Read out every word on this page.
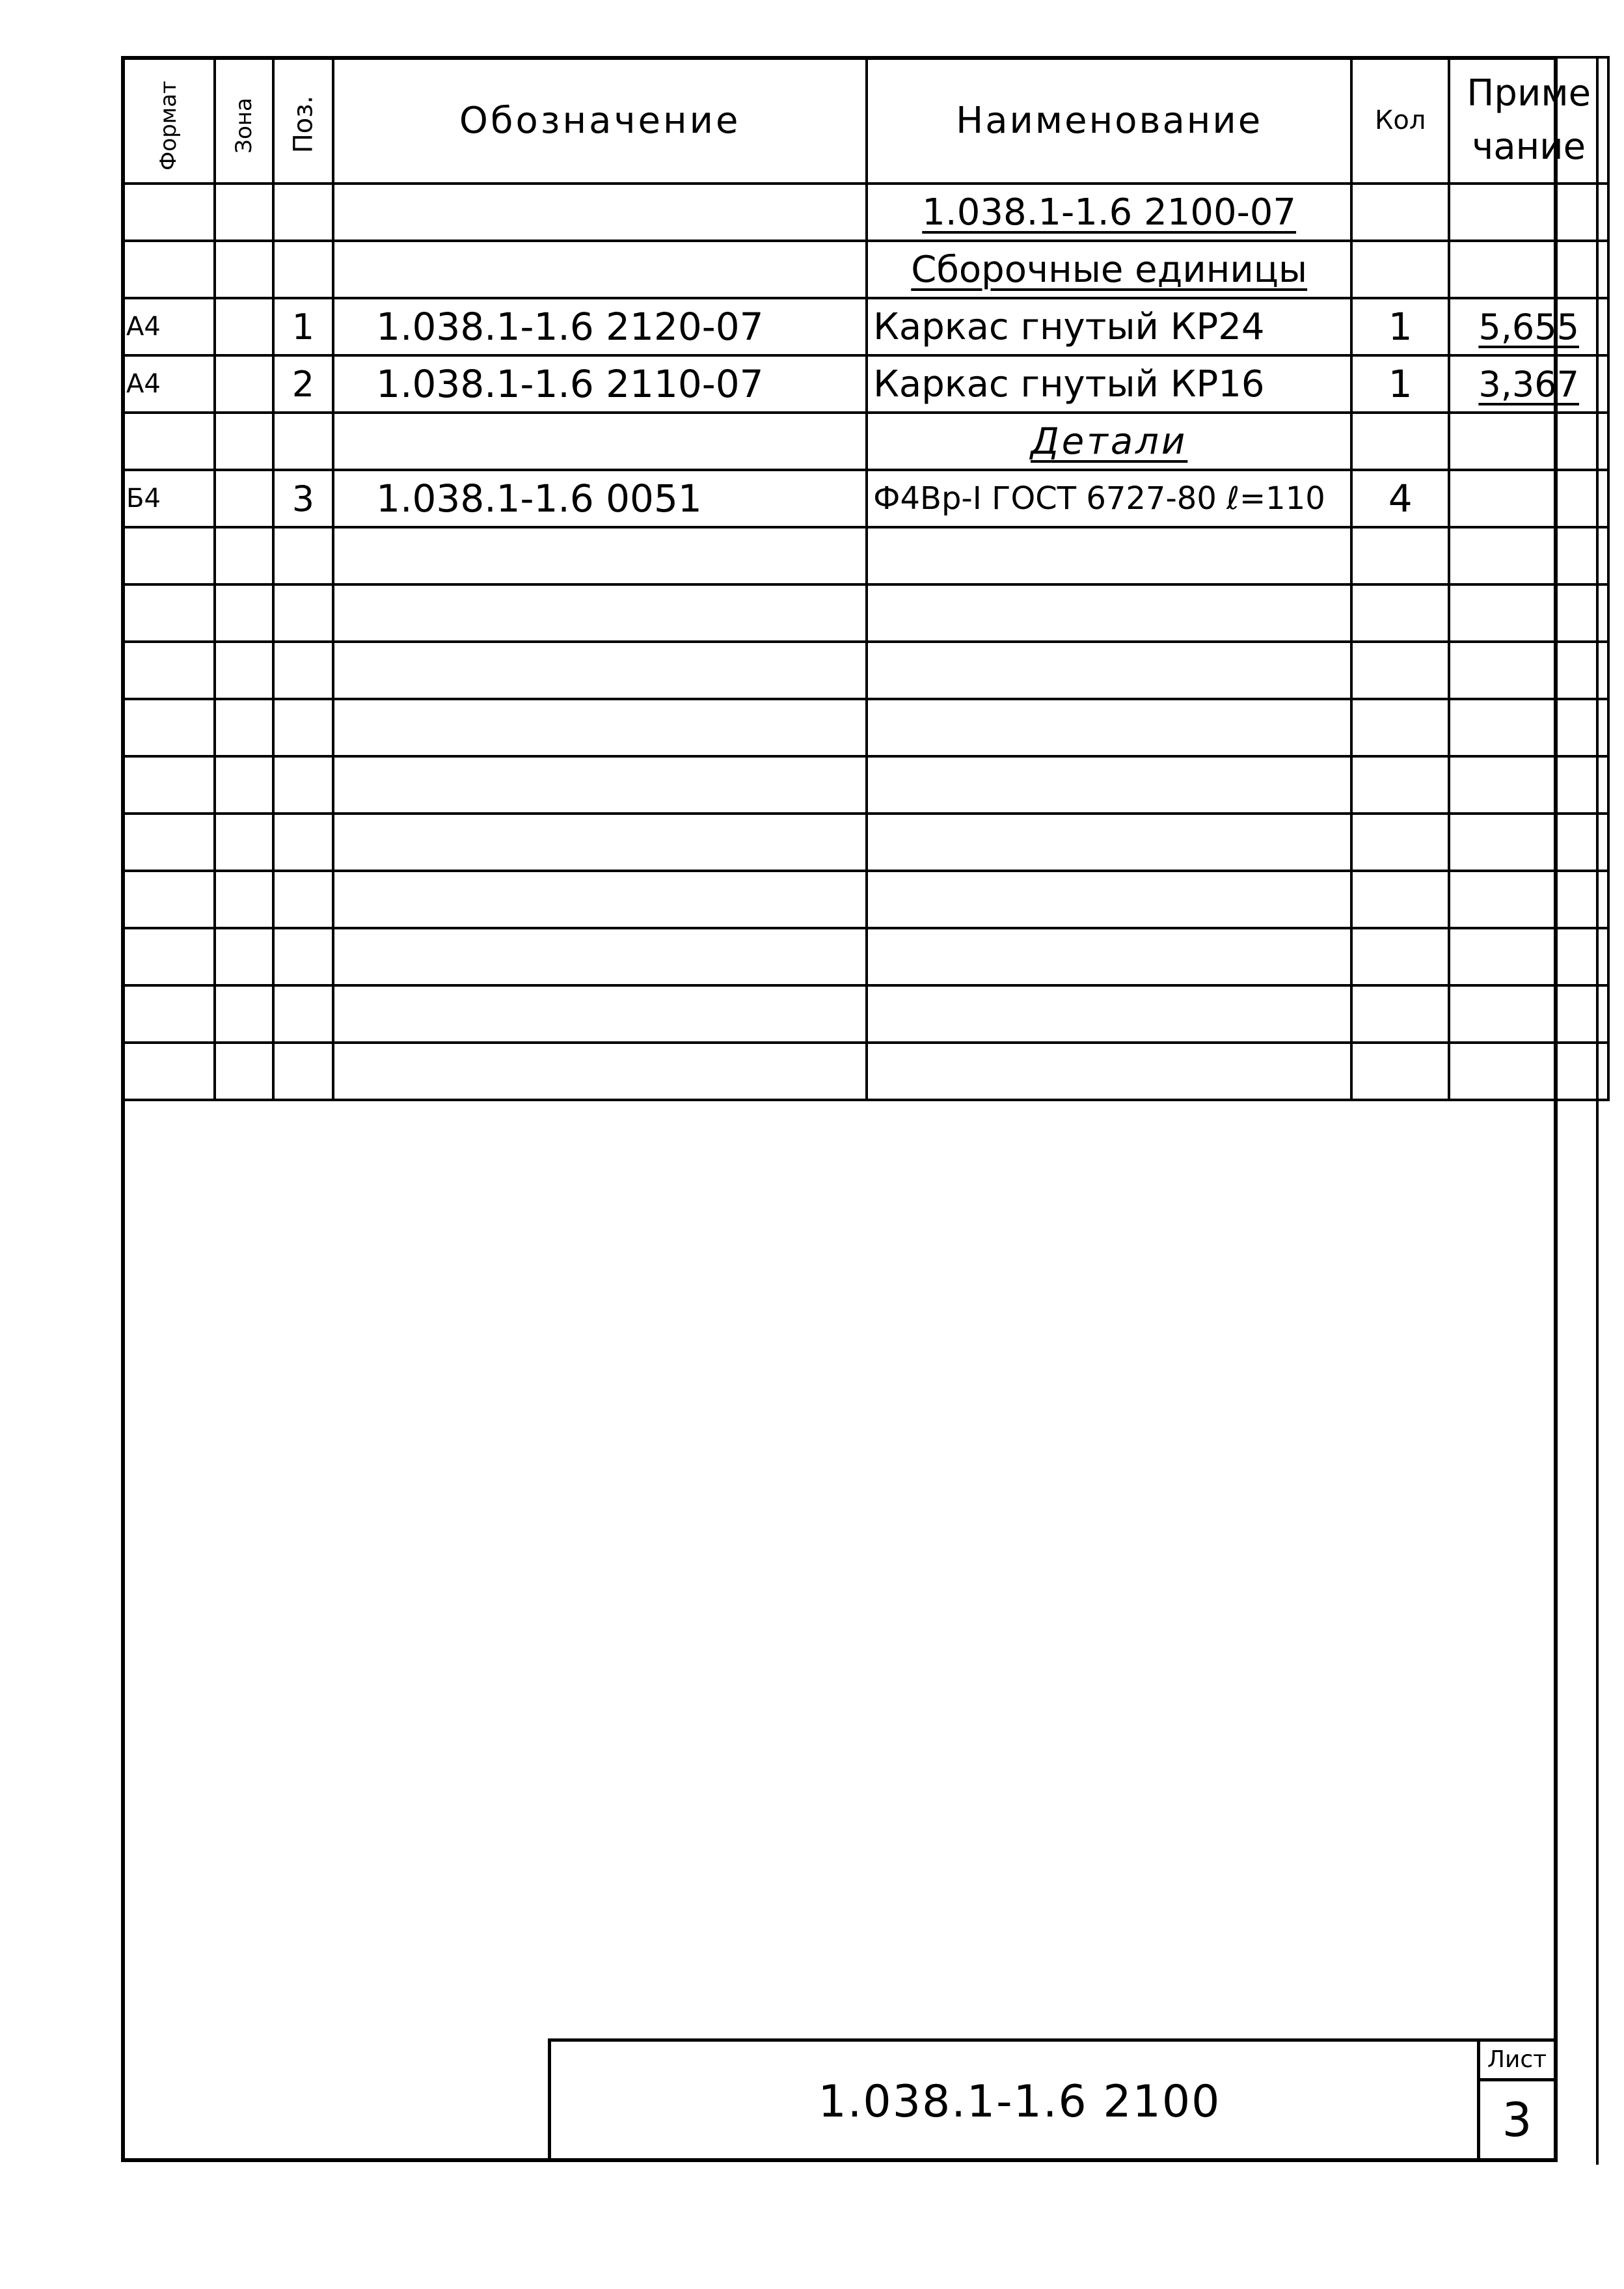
Формат	Зона	Поз.	Обозначение	Наименование	Кол	Приме
чание

				1.038.1-1.6 2100-07		
				Сборочные единицы		
А4		1	1.038.1-1.6 2120-07	Каркас гнутый КР24	1	5,655
А4		2	1.038.1-1.6 2110-07	Каркас гнутый КР16	1	3,367
				Детали		
Б4		3	1.038.1-1.6 0051	Ф4Вр-I ГОСТ 6727-80 ℓ=110	4	

1.038.1-1.6 2100
Лист
3
